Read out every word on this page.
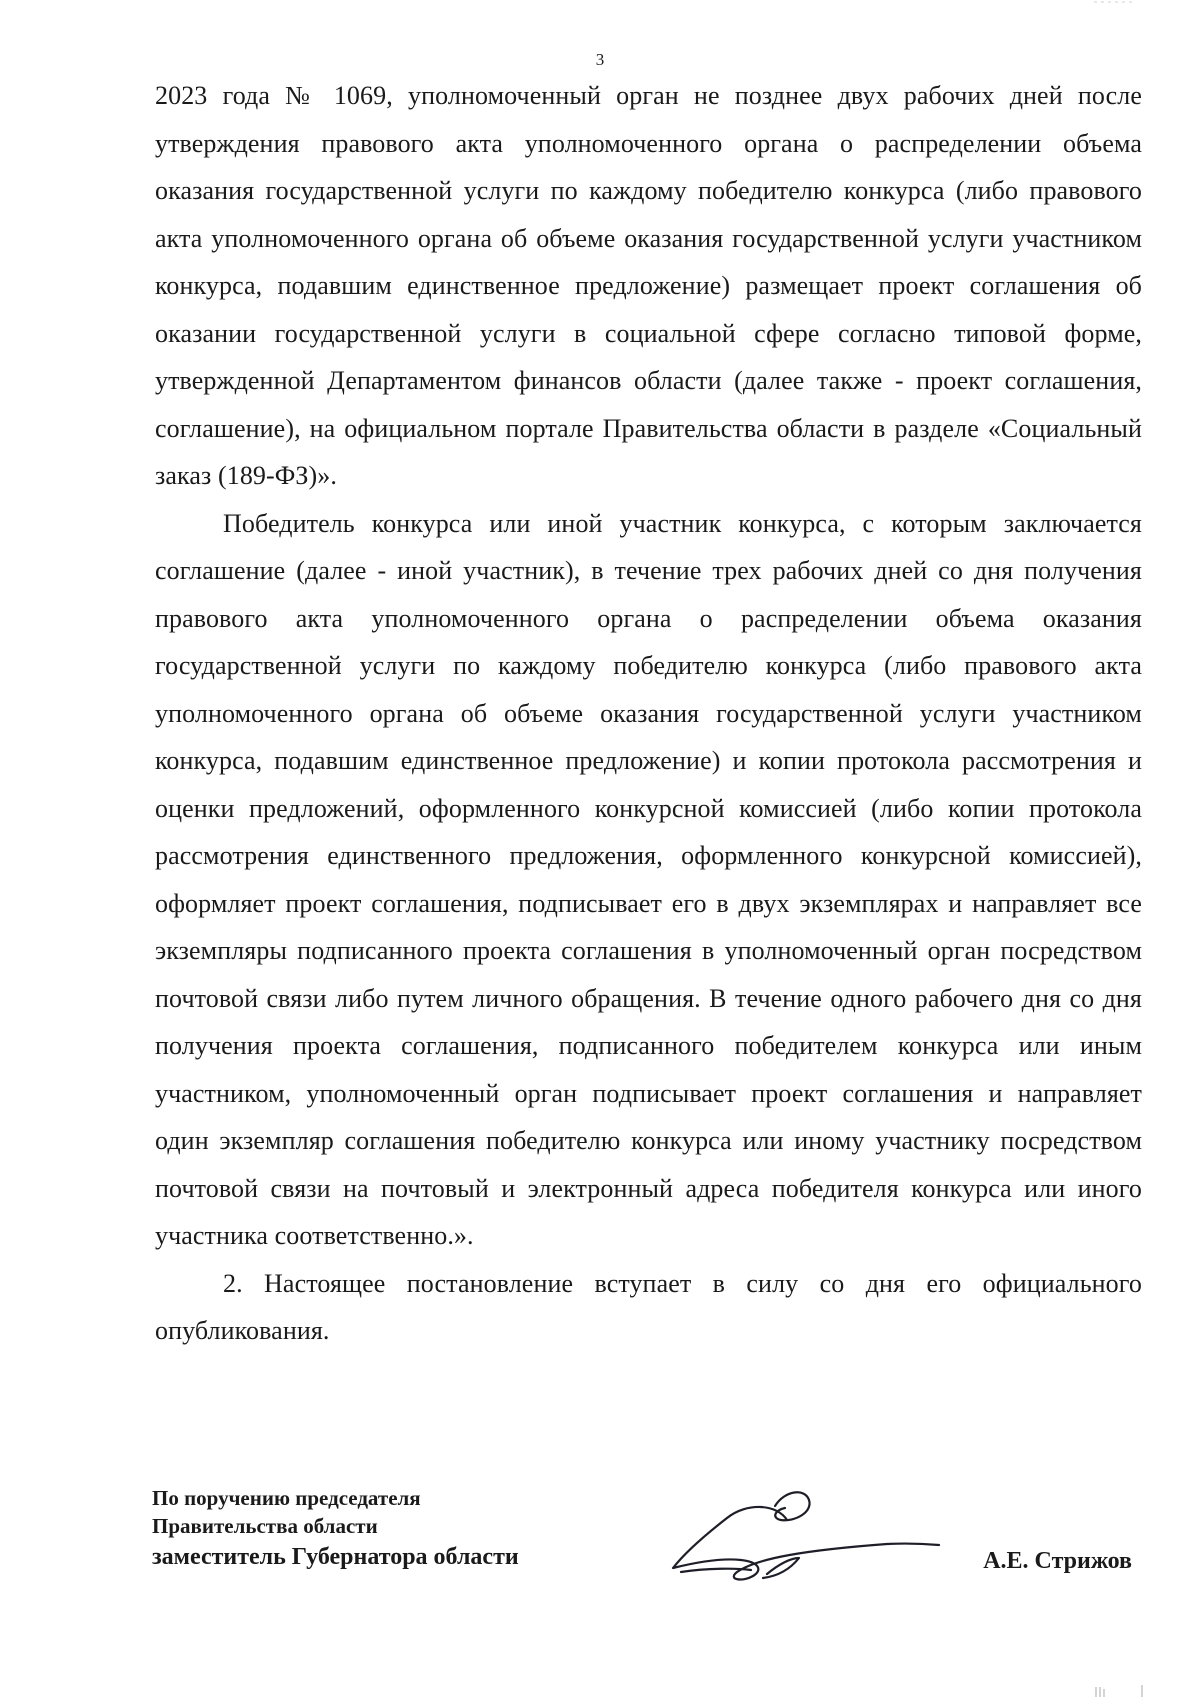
3

2023 года № 1069, уполномоченный орган не позднее двух рабочих дней после утверждения правового акта уполномоченного органа о распределении объема оказания государственной услуги по каждому победителю конкурса (либо правового акта уполномоченного органа об объеме оказания государственной услуги участником конкурса, подавшим единственное предложение) размещает проект соглашения об оказании государственной услуги в социальной сфере согласно типовой форме, утвержденной Департаментом финансов области (далее также - проект соглашения, соглашение), на официальном портале Правительства области в разделе «Социальный заказ (189-ФЗ)».

Победитель конкурса или иной участник конкурса, с которым заключается соглашение (далее - иной участник), в течение трех рабочих дней со дня получения правового акта уполномоченного органа о распределении объема оказания государственной услуги по каждому победителю конкурса (либо правового акта уполномоченного органа об объеме оказания государственной услуги участником конкурса, подавшим единственное предложение) и копии протокола рассмотрения и оценки предложений, оформленного конкурсной комиссией (либо копии протокола рассмотрения единственного предложения, оформленного конкурсной комиссией), оформляет проект соглашения, подписывает его в двух экземплярах и направляет все экземпляры подписанного проекта соглашения в уполномоченный орган посредством почтовой связи либо путем личного обращения. В течение одного рабочего дня со дня получения проекта соглашения, подписанного победителем конкурса или иным участником, уполномоченный орган подписывает проект соглашения и направляет один экземпляр соглашения победителю конкурса или иному участнику посредством почтовой связи на почтовый и электронный адреса победителя конкурса или иного участника соответственно.».

2. Настоящее постановление вступает в силу со дня его официального опубликования.

По поручению председателя
Правительства области
заместитель Губернатора области	А.Е. Стрижов
